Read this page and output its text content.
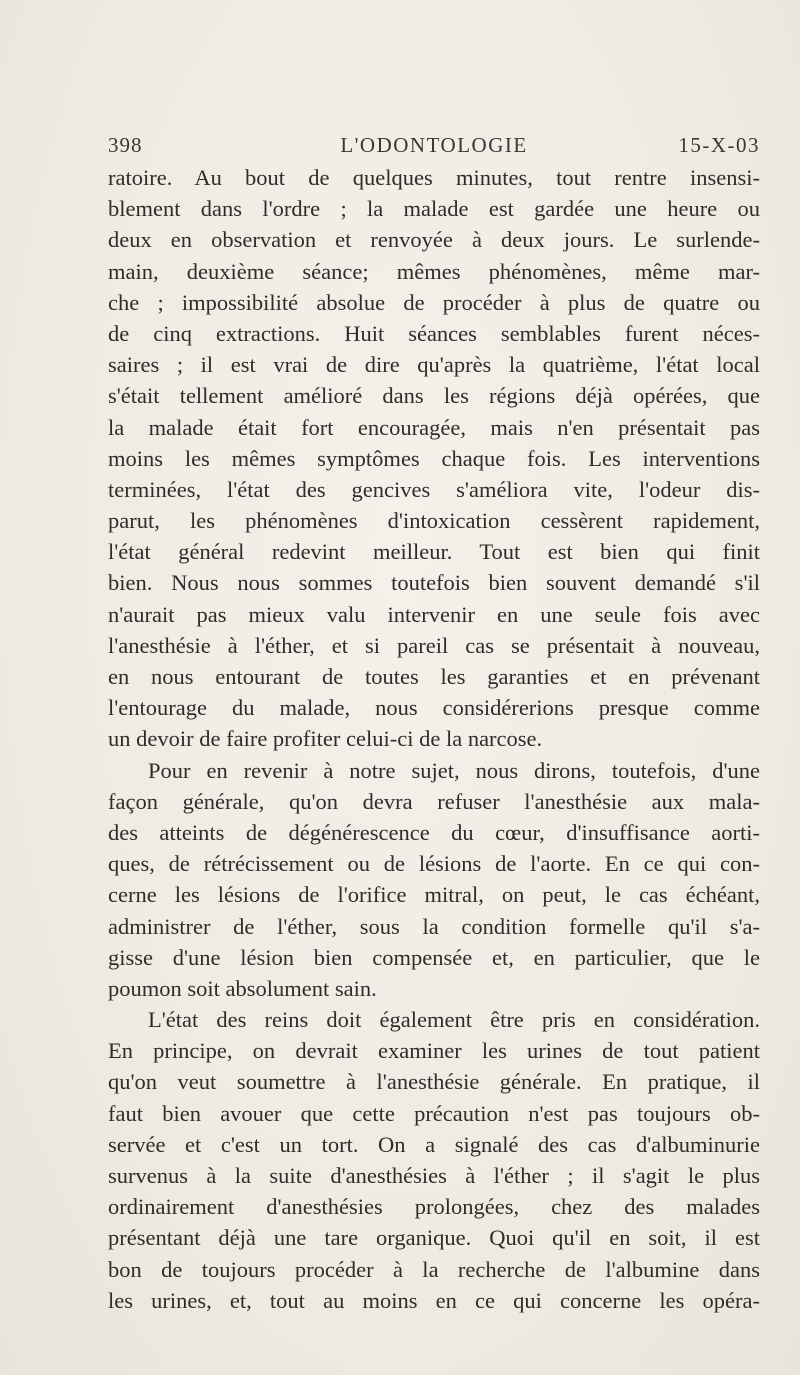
398	L'ODONTOLOGIE	15-X-03
ratoire. Au bout de quelques minutes, tout rentre insensi-
blement dans l'ordre ; la malade est gardée une heure ou
deux en observation et renvoyée à deux jours. Le surlende-
main, deuxième séance; mêmes phénomènes, même mar-
che ; impossibilité absolue de procéder à plus de quatre ou
de cinq extractions. Huit séances semblables furent néces-
saires ; il est vrai de dire qu'après la quatrième, l'état local
s'était tellement amélioré dans les régions déjà opérées, que
la malade était fort encouragée, mais n'en présentait pas
moins les mêmes symptômes chaque fois. Les interventions
terminées, l'état des gencives s'améliora vite, l'odeur dis-
parut, les phénomènes d'intoxication cessèrent rapidement,
l'état général redevint meilleur. Tout est bien qui finit
bien. Nous nous sommes toutefois bien souvent demandé s'il
n'aurait pas mieux valu intervenir en une seule fois avec
l'anesthésie à l'éther, et si pareil cas se présentait à nouveau,
en nous entourant de toutes les garanties et en prévenant
l'entourage du malade, nous considérerions presque comme
un devoir de faire profiter celui-ci de la narcose.
Pour en revenir à notre sujet, nous dirons, toutefois, d'une
façon générale, qu'on devra refuser l'anesthésie aux mala-
des atteints de dégénérescence du cœur, d'insuffisance aorti-
ques, de rétrécissement ou de lésions de l'aorte. En ce qui con-
cerne les lésions de l'orifice mitral, on peut, le cas échéant,
administrer de l'éther, sous la condition formelle qu'il s'a-
gisse d'une lésion bien compensée et, en particulier, que le
poumon soit absolument sain.
L'état des reins doit également être pris en considération.
En principe, on devrait examiner les urines de tout patient
qu'on veut soumettre à l'anesthésie générale. En pratique, il
faut bien avouer que cette précaution n'est pas toujours ob-
servée et c'est un tort. On a signalé des cas d'albuminurie
survenus à la suite d'anesthésies à l'éther ; il s'agit le plus
ordinairement d'anesthésies prolongées, chez des malades
présentant déjà une tare organique. Quoi qu'il en soit, il est
bon de toujours procéder à la recherche de l'albumine dans
les urines, et, tout au moins en ce qui concerne les opéra-
